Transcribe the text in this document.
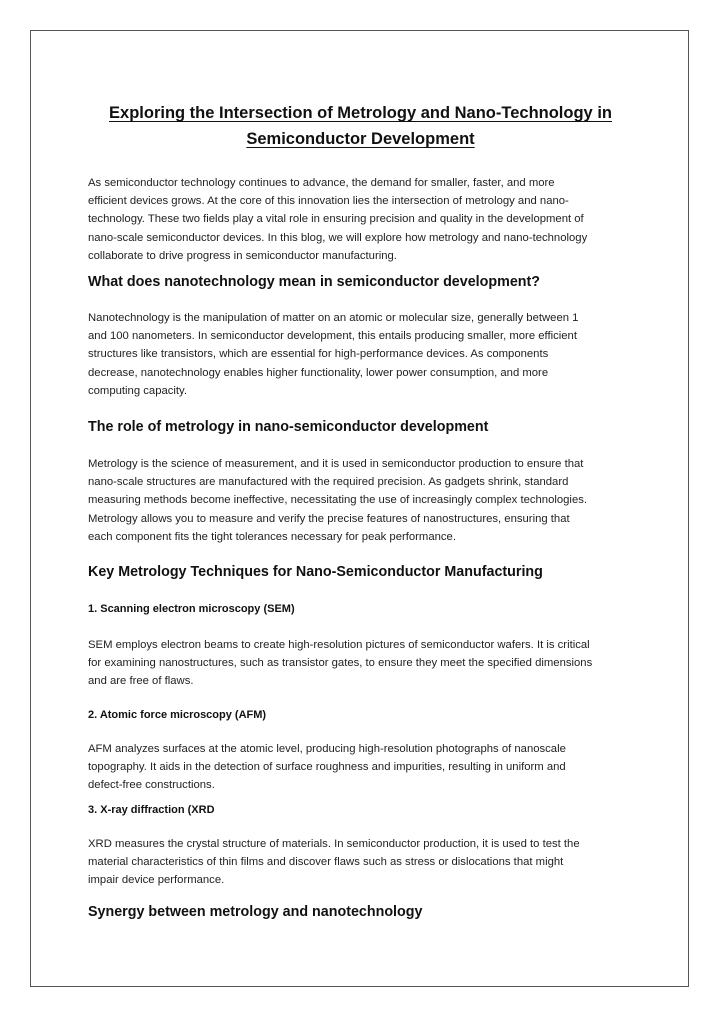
Exploring the Intersection of Metrology and Nano-Technology in
Semiconductor Development

As semiconductor technology continues to advance, the demand for smaller, faster, and more
efficient devices grows. At the core of this innovation lies the intersection of metrology and nano-
technology. These two fields play a vital role in ensuring precision and quality in the development of
nano-scale semiconductor devices. In this blog, we will explore how metrology and nano-technology
collaborate to drive progress in semiconductor manufacturing.

What does nanotechnology mean in semiconductor development?

Nanotechnology is the manipulation of matter on an atomic or molecular size, generally between 1
and 100 nanometers. In semiconductor development, this entails producing smaller, more efficient
structures like transistors, which are essential for high-performance devices. As components
decrease, nanotechnology enables higher functionality, lower power consumption, and more
computing capacity.

The role of metrology in nano-semiconductor development

Metrology is the science of measurement, and it is used in semiconductor production to ensure that
nano-scale structures are manufactured with the required precision. As gadgets shrink, standard
measuring methods become ineffective, necessitating the use of increasingly complex technologies.
Metrology allows you to measure and verify the precise features of nanostructures, ensuring that
each component fits the tight tolerances necessary for peak performance.

Key Metrology Techniques for Nano-Semiconductor Manufacturing
1. Scanning electron microscopy (SEM)

SEM employs electron beams to create high-resolution pictures of semiconductor wafers. It is critical
for examining nanostructures, such as transistor gates, to ensure they meet the specified dimensions
and are free of flaws.

2. Atomic force microscopy (AFM)

AFM analyzes surfaces at the atomic level, producing high-resolution photographs of nanoscale
topography. It aids in the detection of surface roughness and impurities, resulting in uniform and
defect-free constructions.

3. X-ray diffraction (XRD

XRD measures the crystal structure of materials. In semiconductor production, it is used to test the
material characteristics of thin films and discover flaws such as stress or dislocations that might
impair device performance.

Synergy between metrology and nanotechnology
